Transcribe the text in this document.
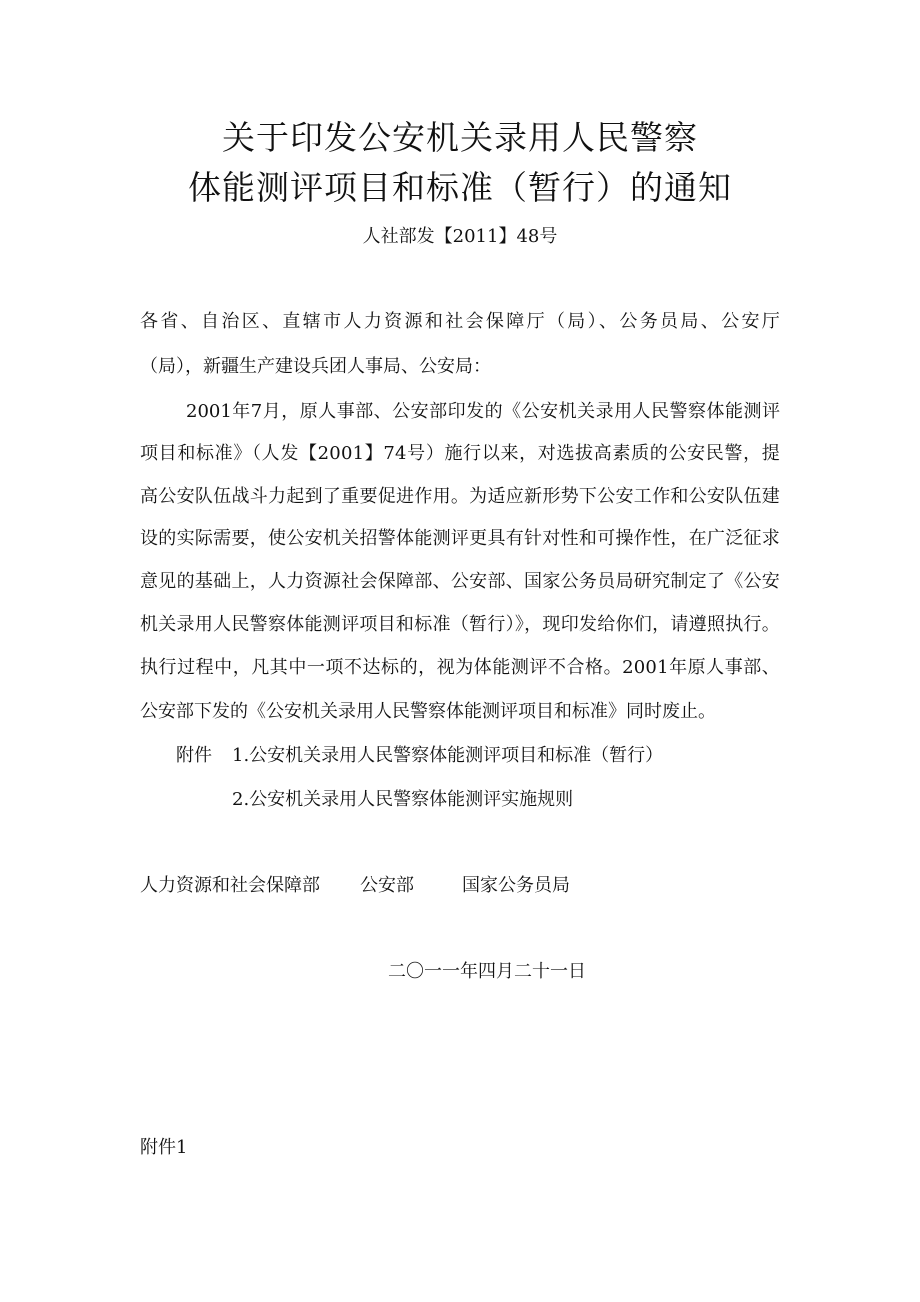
关于印发公安机关录用人民警察
体能测评项目和标准（暂行）的通知
人社部发【2011】48号
各省、自治区、直辖市人力资源和社会保障厅（局）、公务员局、公安厅
（局），新疆生产建设兵团人事局、公安局：
2001年7月，原人事部、公安部印发的《公安机关录用人民警察体能测评
项目和标准》（人发【2001】74号）施行以来，对选拔高素质的公安民警，提
高公安队伍战斗力起到了重要促进作用。为适应新形势下公安工作和公安队伍建
设的实际需要，使公安机关招警体能测评更具有针对性和可操作性，在广泛征求
意见的基础上，人力资源社会保障部、公安部、国家公务员局研究制定了《公安
机关录用人民警察体能测评项目和标准（暂行）》，现印发给你们，请遵照执行。
执行过程中，凡其中一项不达标的，视为体能测评不合格。2001年原人事部、
公安部下发的《公安机关录用人民警察体能测评项目和标准》同时废止。
附件 1.公安机关录用人民警察体能测评项目和标准（暂行）
2.公安机关录用人民警察体能测评实施规则
人力资源和社会保障部 公安部	国家公务员局
二〇一一年四月二十一日
附件1
